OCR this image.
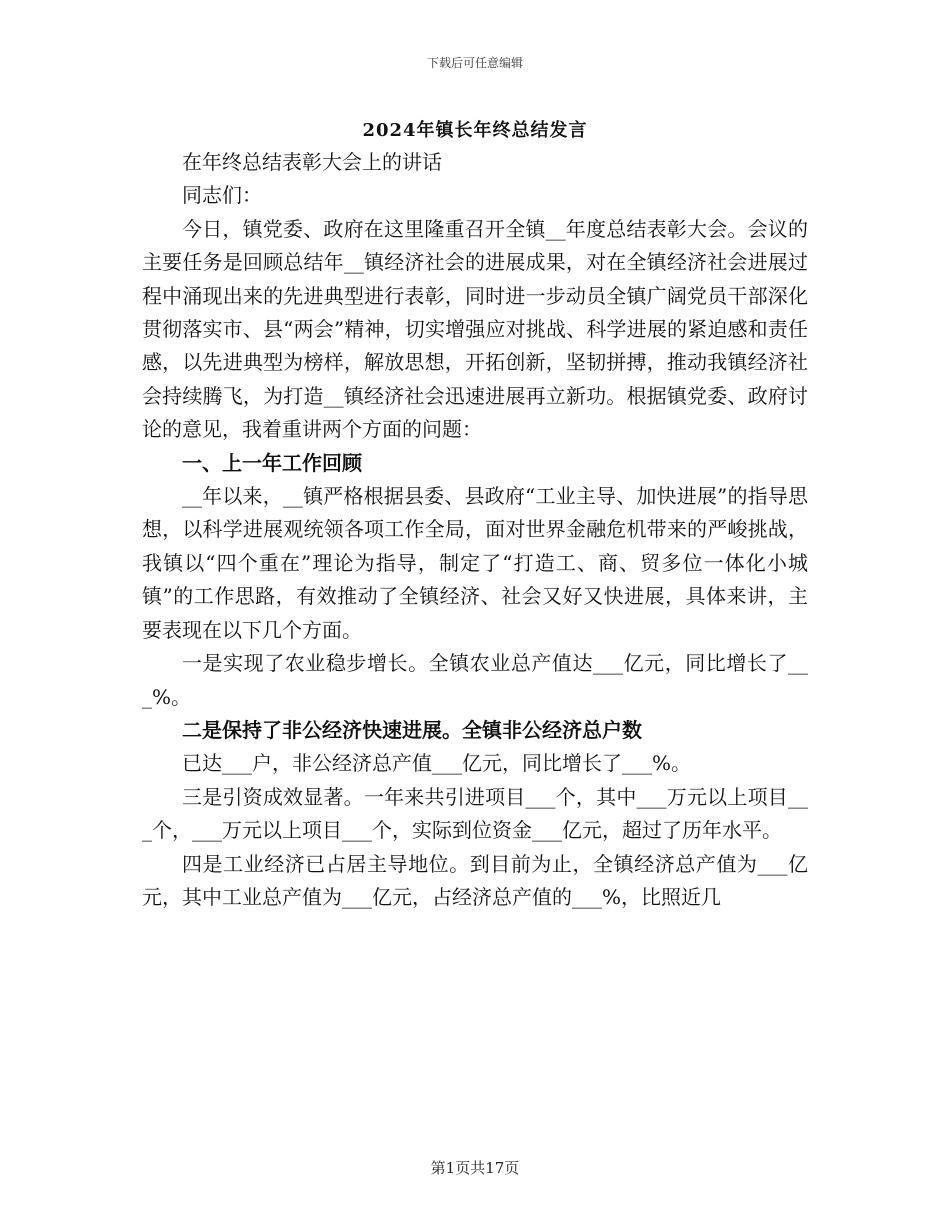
下载后可任意编辑
2024年镇长年终总结发言

在年终总结表彰大会上的讲话

同志们：

今日，镇党委、政府在这里隆重召开全镇__年度总结表彰大会。会议的主要任务是回顾总结年__镇经济社会的进展成果，对在全镇经济社会进展过程中涌现出来的先进典型进行表彰，同时进一步动员全镇广阔党员干部深化贯彻落实市、县“两会”精神，切实增强应对挑战、科学进展的紧迫感和责任感，以先进典型为榜样，解放思想，开拓创新，坚韧拼搏，推动我镇经济社会持续腾飞，为打造__镇经济社会迅速进展再立新功。根据镇党委、政府讨论的意见，我着重讲两个方面的问题：

一、上一年工作回顾

__年以来，__镇严格根据县委、县政府“工业主导、加快进展”的指导思想，以科学进展观统领各项工作全局，面对世界金融危机带来的严峻挑战，我镇以“四个重在”理论为指导，制定了“打造工、商、贸多位一体化小城镇”的工作思路，有效推动了全镇经济、社会又好又快进展，具体来讲，主要表现在以下几个方面。

一是实现了农业稳步增长。全镇农业总产值达___亿元，同比增长了___%。

二是保持了非公经济快速进展。全镇非公经济总户数

已达___户，非公经济总产值___亿元，同比增长了___%。

三是引资成效显著。一年来共引进项目___个，其中___万元以上项目___个，___万元以上项目___个，实际到位资金___亿元，超过了历年水平。

四是工业经济已占居主导地位。到目前为止，全镇经济总产值为___亿元，其中工业总产值为___亿元，占经济总产值的___%，比照近几

第1页共17页
